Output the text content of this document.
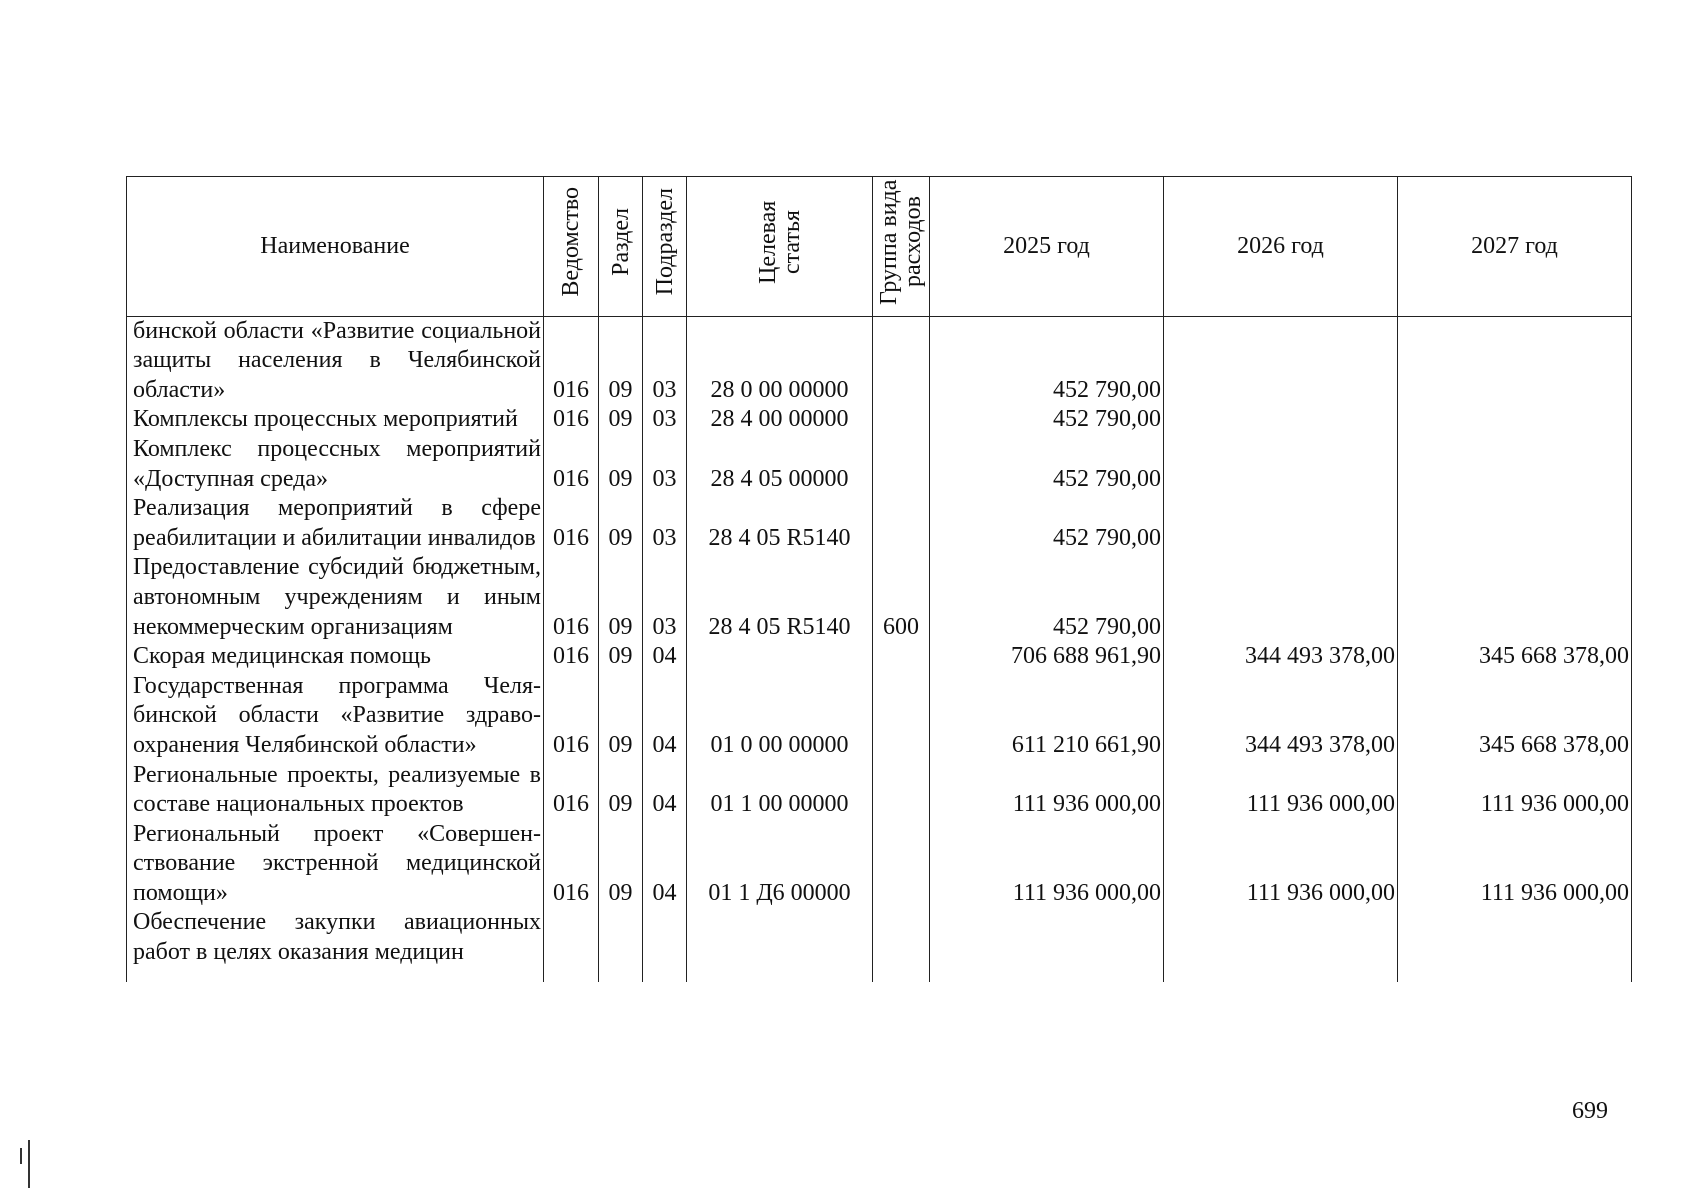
Наименование	Ведомство	Раздел	Подраздел	Целевая статья	Группа вида расходов	2025 год	2026 год	2027 год
бинской области «Развитие социальной защиты населения в Челябинской области»	016	09	03	28 0 00 00000		452 790,00		
Комплексы процессных мероприятий	016	09	03	28 4 00 00000		452 790,00		
Комплекс процессных мероприятий «Доступная среда»	016	09	03	28 4 05 00000		452 790,00		
Реализация мероприятий в сфере реабилитации и абилитации инвалидов	016	09	03	28 4 05 R5140		452 790,00		
Предоставление субсидий бюджетным, автономным учреждениям и иным некоммерческим организациям	016	09	03	28 4 05 R5140	600	452 790,00		
Скорая медицинская помощь	016	09	04			706 688 961,90	344 493 378,00	345 668 378,00
Государственная программа Челябинской области «Развитие здравоохранения Челябинской области»	016	09	04	01 0 00 00000		611 210 661,90	344 493 378,00	345 668 378,00
Региональные проекты, реализуемые в составе национальных проектов	016	09	04	01 1 00 00000		111 936 000,00	111 936 000,00	111 936 000,00
Региональный проект «Совершенствование экстренной медицинской помощи»	016	09	04	01 1 Д6 00000		111 936 000,00	111 936 000,00	111 936 000,00
Обеспечение закупки авиационных работ в целях оказания медицин								
699
